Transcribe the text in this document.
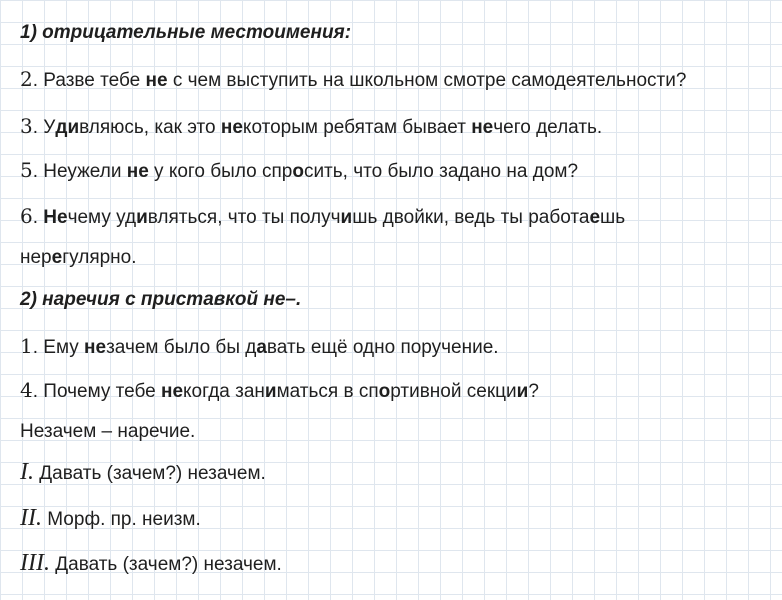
1) отрицательные местоимения:
2. Разве тебе не с чем выступить на школьном смотре самодеятельности?
3. Удивляюсь, как это некоторым ребятам бывает нечего делать.
5. Неужели не у кого было спросить, что было задано на дом?
6. Нечему удивляться, что ты получишь двойки, ведь ты работаешь
нерегулярно.
2) наречия с приставкой не–.
1. Ему незачем было бы давать ещё одно поручение.
4. Почему тебе некогда заниматься в спортивной секции?
Незачем – наречие.
I. Давать (зачем?) незачем.
II. Морф. пр. неизм.
III. Давать (зачем?) незачем.
